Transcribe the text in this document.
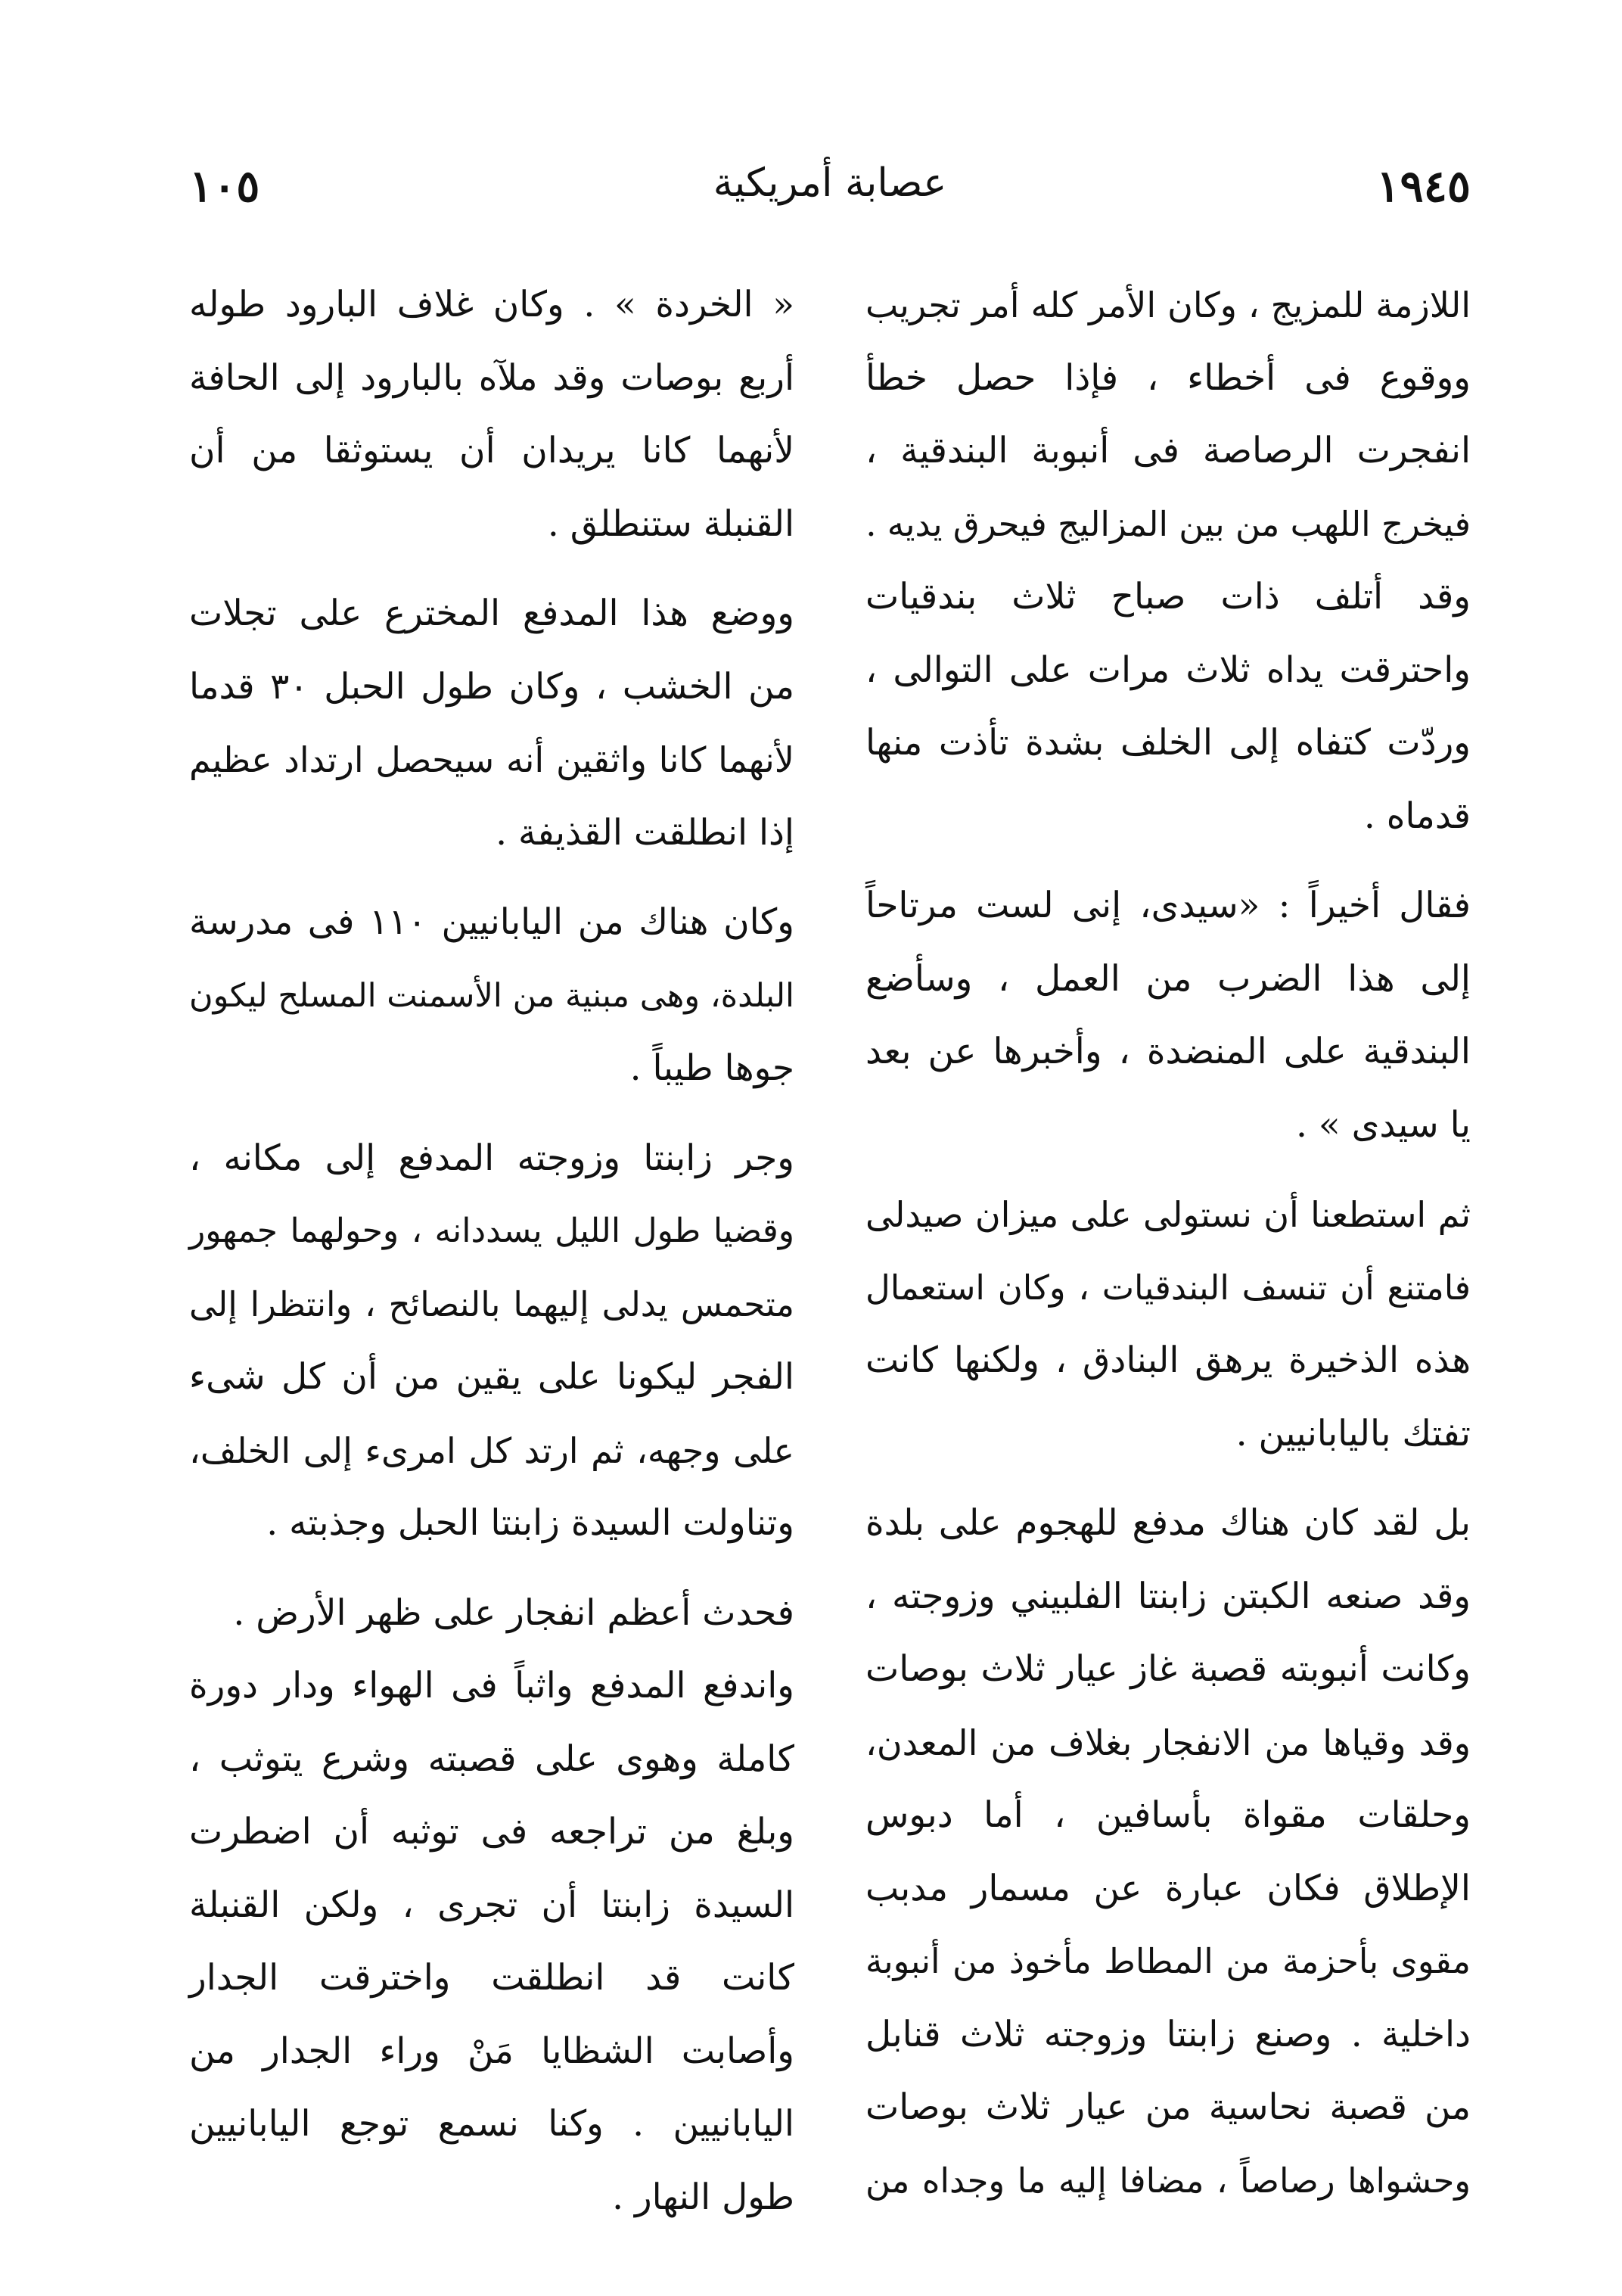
١٩٤٥
عصابة أمريكية
١٠٥
اللازمة للمزيج ، وكان الأمر كله أمر تجريب
ووقوع فى أخطاء ، فإذا حصل خطأ
انفجرت الرصاصة فى أنبوبة البندقية ،
فيخرج اللهب من بين المزاليج فيحرق يديه .
وقد أتلف ذات صباح ثلاث بندقيات
واحترقت يداه ثلاث مرات على التوالى ،
وردّت كتفاه إلى الخلف بشدة تأذت منها
قدماه .
فقال أخيراً : «سيدى، إنى لست مرتاحاً
إلى هذا الضرب من العمل ، وسأضع
البندقية على المنضدة ، وأخبرها عن بعد
يا سيدى » .
ثم استطعنا أن نستولى على ميزان صيدلى
فامتنع أن تنسف البندقيات ، وكان استعمال
هذه الذخيرة يرهق البنادق ، ولكنها كانت
تفتك باليابانيين .
بل لقد كان هناك مدفع للهجوم على بلدة
وقد صنعه الكبتن زابنتا الفلبيني وزوجته ،
وكانت أنبوبته قصبة غاز عيار ثلاث بوصات
وقد وقياها من الانفجار بغلاف من المعدن،
وحلقات مقواة بأسافين ، أما دبوس
الإطلاق فكان عبارة عن مسمار مدبب
مقوى بأحزمة من المطاط مأخوذ من أنبوبة
داخلية . وصنع زابنتا وزوجته ثلاث قنابل
من قصبة نحاسية من عيار ثلاث بوصات
وحشواها رصاصاً ، مضافا إليه ما وجداه من
« الخردة » . وكان غلاف البارود طوله
أربع بوصات وقد ملآه بالبارود إلى الحافة
لأنهما كانا يريدان أن يستوثقا من أن
القنبلة ستنطلق .
ووضع هذا المدفع المخترع على تجلات
من الخشب ، وكان طول الحبل ٣٠ قدما
لأنهما كانا واثقين أنه سيحصل ارتداد عظيم
إذا انطلقت القذيفة .
وكان هناك من اليابانيين ١١٠ فى مدرسة
البلدة، وهى مبنية من الأسمنت المسلح ليكون
جوها طيباً .
وجر زابنتا وزوجته المدفع إلى مكانه ،
وقضيا طول الليل يسددانه ، وحولهما جمهور
متحمس يدلى إليهما بالنصائح ، وانتظرا إلى
الفجر ليكونا على يقين من أن كل شىء
على وجهه، ثم ارتد كل امرىء إلى الخلف،
وتناولت السيدة زابنتا الحبل وجذبته .
فحدث أعظم انفجار على ظهر الأرض .
واندفع المدفع واثباً فى الهواء ودار دورة
كاملة وهوى على قصبته وشرع يتوثب ،
وبلغ من تراجعه فى توثبه أن اضطرت
السيدة زابنتا أن تجرى ، ولكن القنبلة
كانت قد انطلقت واخترقت الجدار
وأصابت الشظايا مَنْ وراء الجدار من
اليابانيين . وكنا نسمع توجع اليابانيين
طول النهار .
